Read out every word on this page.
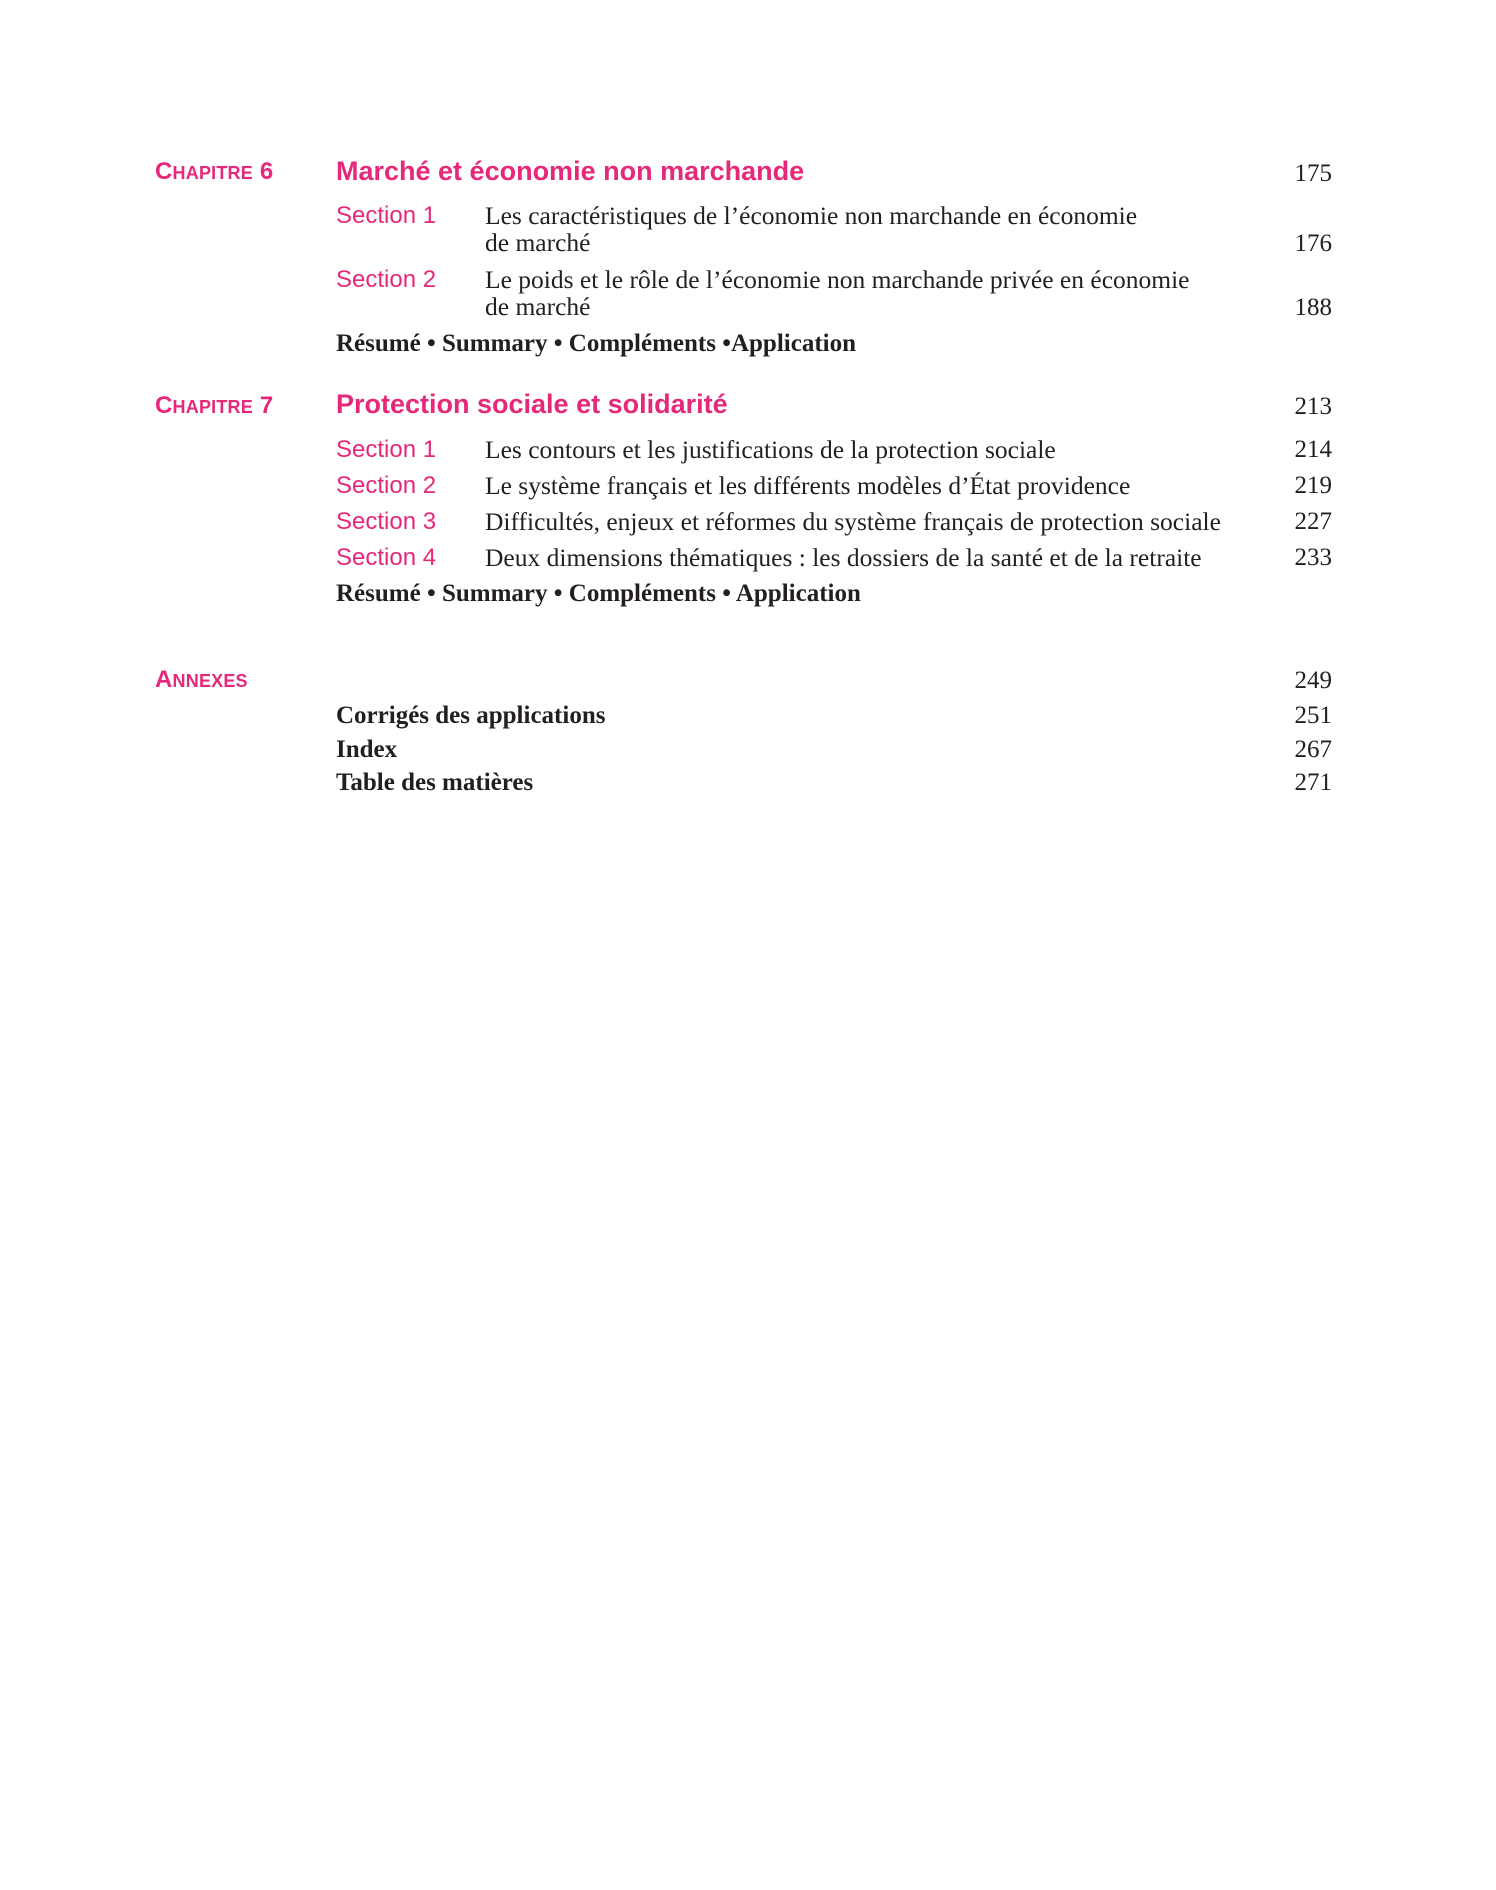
CHAPITRE 6 Marché et économie non marchande	175
Section 1 Les caractéristiques de l’économie non marchande en économie
de marché	176
Section 2 Le poids et le rôle de l’économie non marchande privée en économie
de marché	188
Résumé • Summary • Compléments •Application
CHAPITRE 7 Protection sociale et solidarité	213
Section 1 Les contours et les justifications de la protection sociale	214
Section 2 Le système français et les différents modèles d’État providence	219
Section 3 Difficultés, enjeux et réformes du système français de protection sociale	227
Section 4 Deux dimensions thématiques : les dossiers de la santé et de la retraite	233
Résumé • Summary • Compléments • Application
ANNEXES	249
Corrigés des applications	251
Index	267
Table des matières	271
